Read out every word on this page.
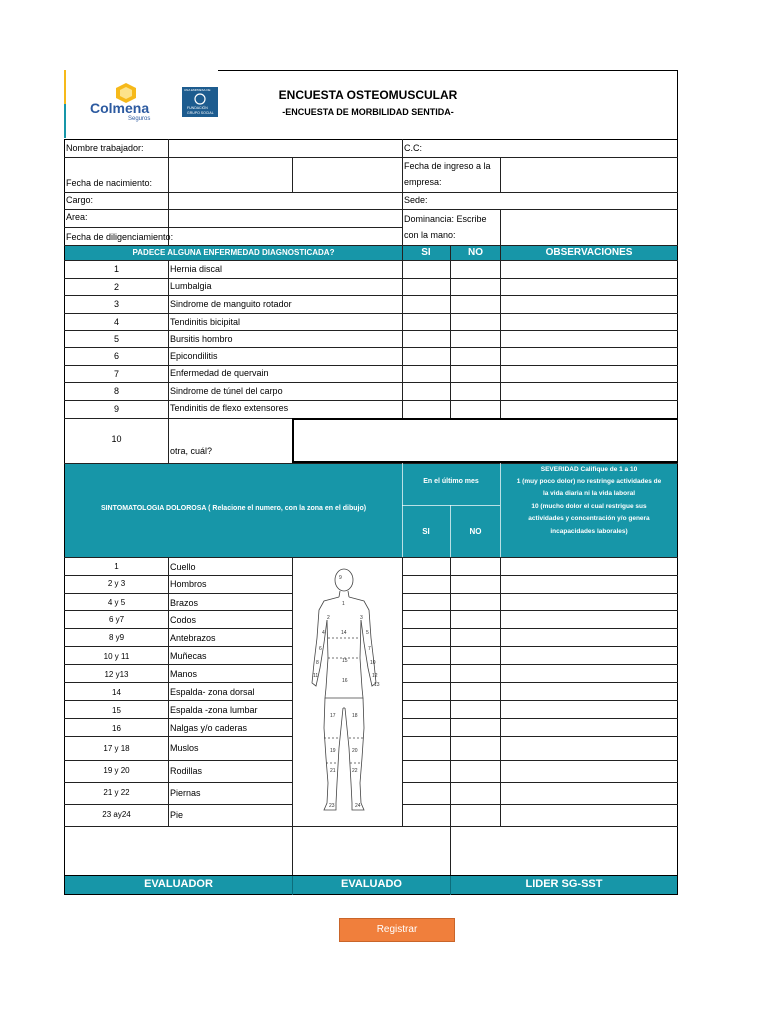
Colmena
Seguros
UNA EMPRESA DE
FUNDACIÓN
GRUPO SOCIAL
ENCUESTA OSTEOMUSCULAR
-ENCUESTA DE MORBILIDAD SENTIDA-
Nombre trabajador:	C.C:
Fecha de ingreso a la
empresa:
Fecha de nacimiento:
Cargo:	Sede:
Area:	Dominancia: Escribe
con la mano:
Fecha de diligenciamiento:
PADECE ALGUNA ENFERMEDAD DIAGNOSTICADA?	SI	NO	OBSERVACIONES
1	Hernia discal
2	Lumbalgia
3	Sindrome de manguito rotador
4	Tendinitis bicipital
5	Bursitis hombro
6	Epicondilitis
7	Enfermedad de quervain
8	Sindrome de túnel del carpo
9	Tendinitis de flexo extensores
10
otra, cuál?
SINTOMATOLOGIA DOLOROSA ( Relacione el numero, con la zona en el dibujo)
En el último mes
SI	NO
SEVERIDAD Califique de 1 a 10
1 (muy poco dolor) no restringe actividades de
la vida diaria ni la vida laboral
10 (mucho dolor el cual restrigue sus
actividades y concentración y/o genera
incapacidades laborales)
1	Cuello
2 y 3	Hombros
4 y 5	Brazos
6 y7	Codos
8 y9	Antebrazos
10 y 11	Muñecas
12 y13	Manos
14	Espalda- zona dorsal
15	Espalda -zona lumbar
16	Nalgas y/o caderas
17 y 18	Muslos
19 y 20	Rodillas
21 y 22	Piernas
23 ay24	Pie
9
1
2	3
14
4	5
15
6	7
16
8	10
11	12
13
17	18
19	20
21	22
23	24
EVALUADOR	EVALUADO	LIDER SG-SST
Registrar
